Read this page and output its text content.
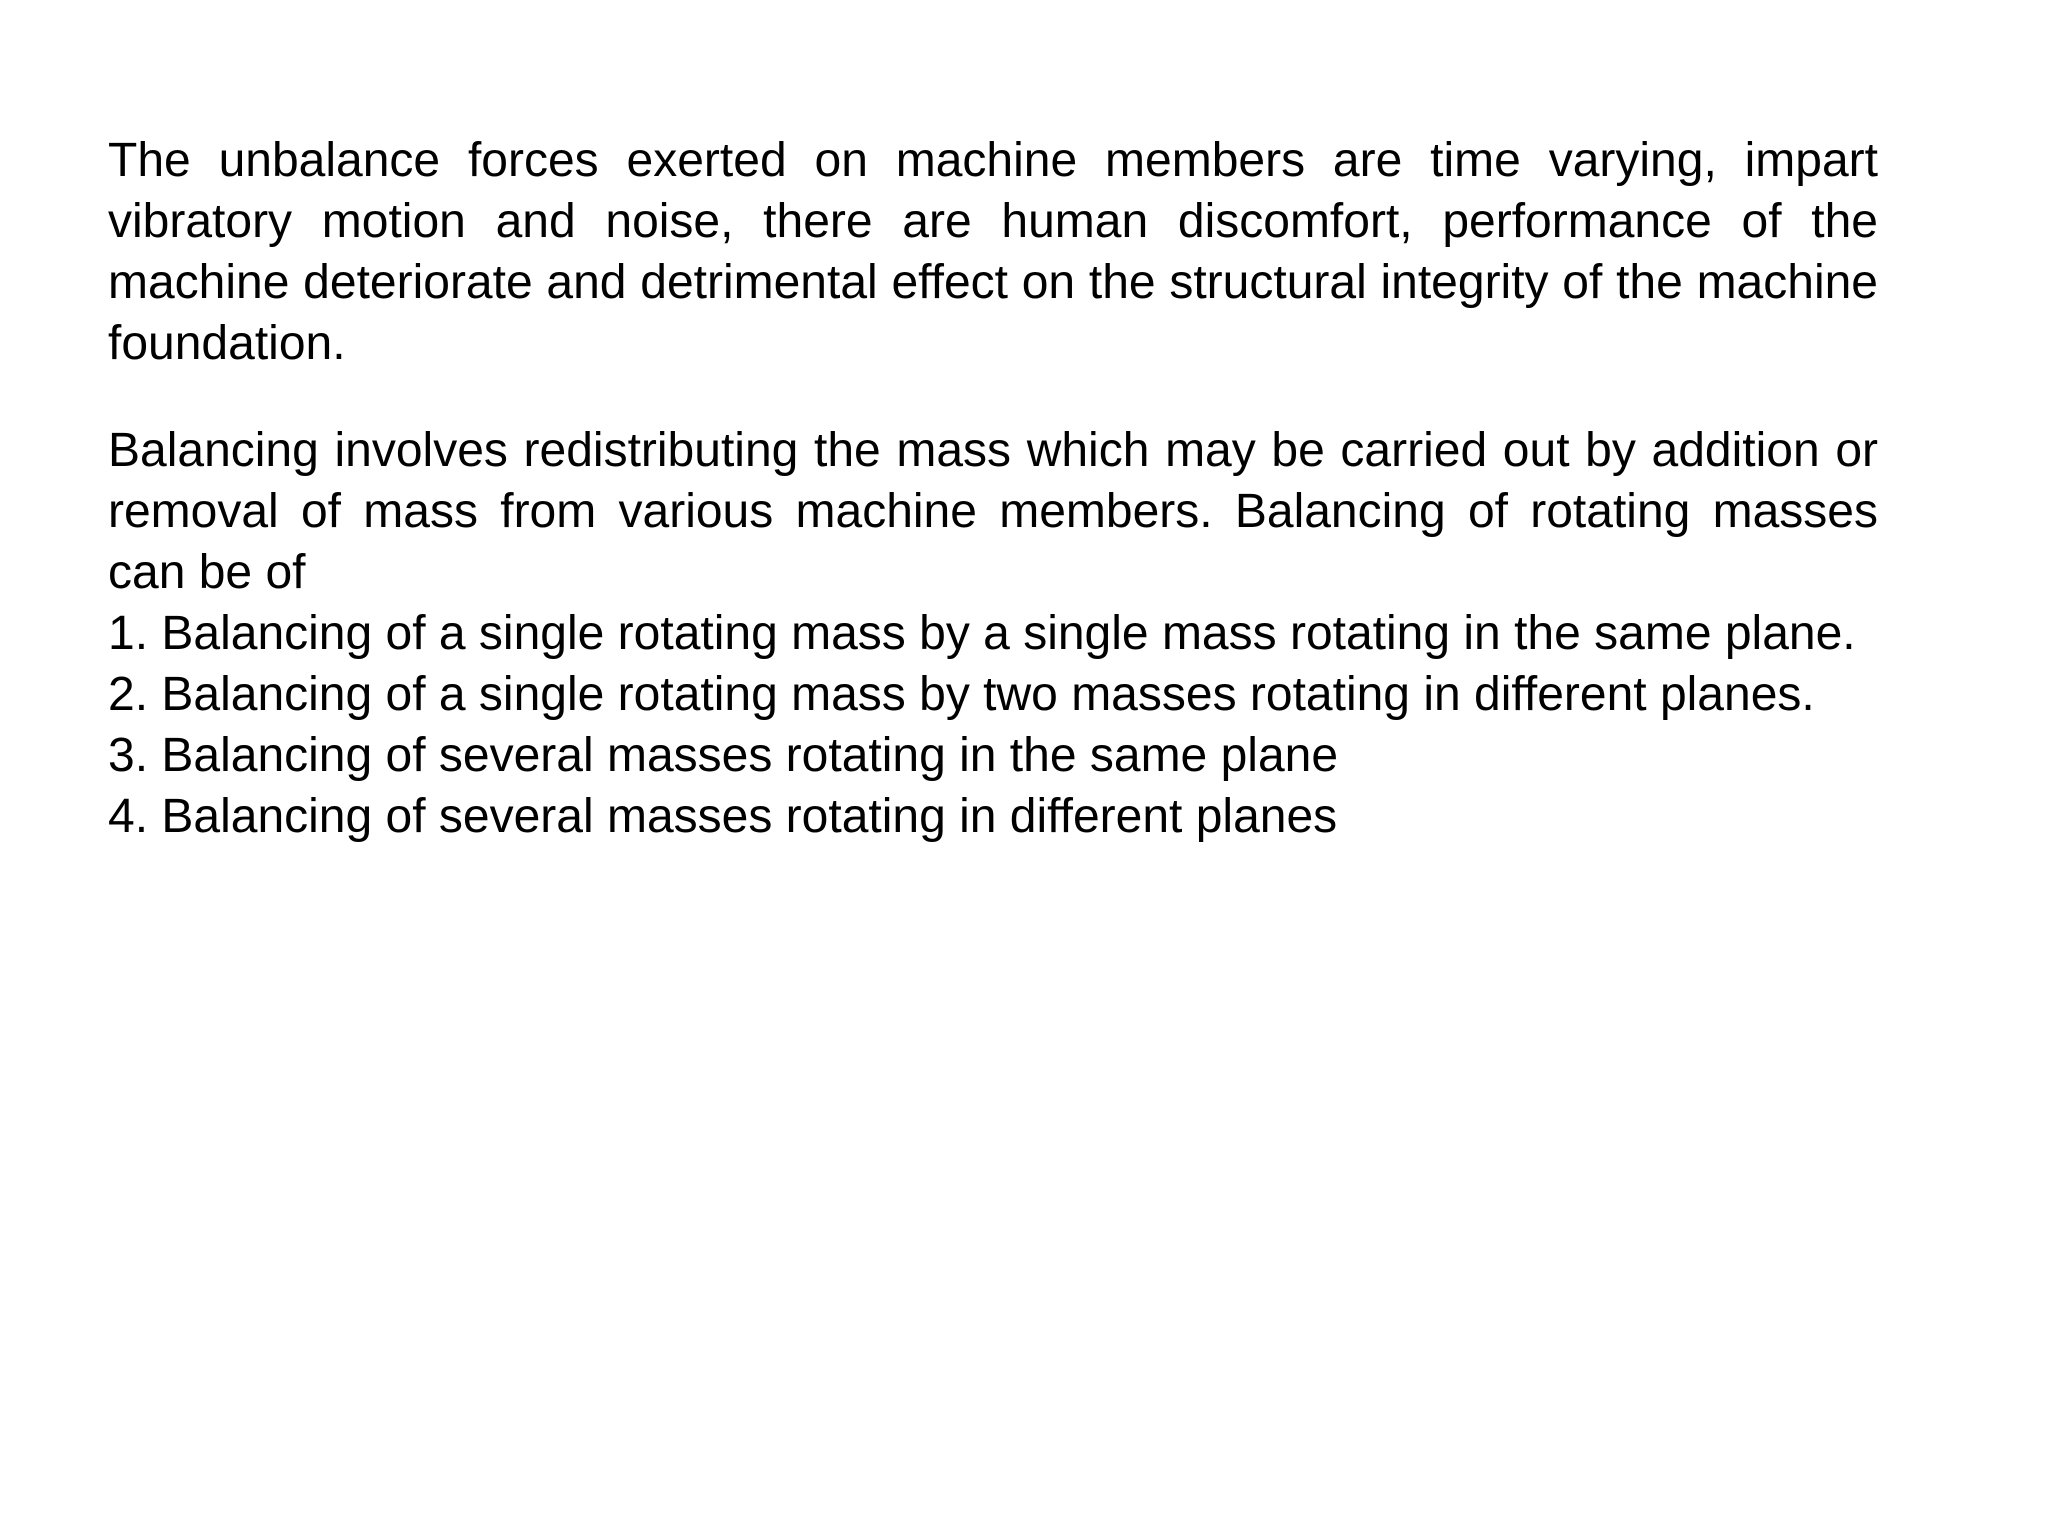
The unbalance forces exerted on machine members are time varying, impart vibratory motion and noise, there are human discomfort, performance of the machine deteriorate and detrimental effect on the structural integrity of the machine foundation.

Balancing involves redistributing the mass which may be carried out by addition or removal of mass from various machine members. Balancing of rotating masses can be of

1. Balancing of a single rotating mass by a single mass rotating in the same plane.
2. Balancing of a single rotating mass by two masses rotating in different planes.
3. Balancing of several masses rotating in the same plane
4. Balancing of several masses rotating in different planes
